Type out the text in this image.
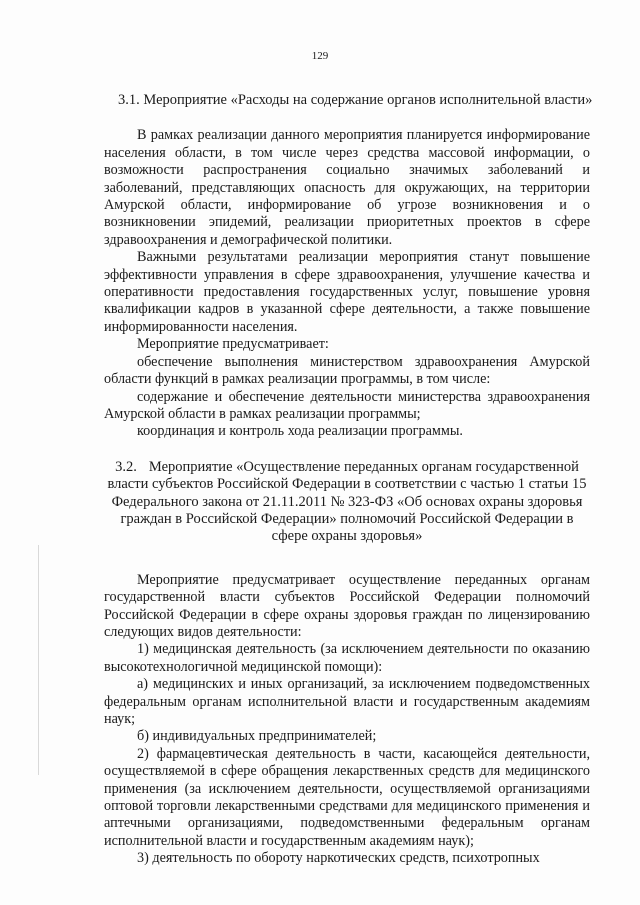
129

3.1. Мероприятие «Расходы на содержание органов исполнительной власти»

В рамках реализации данного мероприятия планируется информирование населения области, в том числе через средства массовой информации, о возможности распространения социально значимых заболеваний и заболеваний, представляющих опасность для окружающих, на территории Амурской области, информирование об угрозе возникновения и о возникновении эпидемий, реализации приоритетных проектов в сфере здравоохранения и демографической политики.

Важными результатами реализации мероприятия станут повышение эффективности управления в сфере здравоохранения, улучшение качества и оперативности предоставления государственных услуг, повышение уровня квалификации кадров в указанной сфере деятельности, а также повышение информированности населения.

Мероприятие предусматривает:

обеспечение выполнения министерством здравоохранения Амурской области функций в рамках реализации программы, в том числе:

содержание и обеспечение деятельности министерства здравоохранения Амурской области в рамках реализации программы;

координация и контроль хода реализации программы.

3.2. Мероприятие «Осуществление переданных органам государственной власти субъектов Российской Федерации в соответствии с частью 1 статьи 15 Федерального закона от 21.11.2011 № 323-ФЗ «Об основах охраны здоровья граждан в Российской Федерации» полномочий Российской Федерации в сфере охраны здоровья»

Мероприятие предусматривает осуществление переданных органам государственной власти субъектов Российской Федерации полномочий Российской Федерации в сфере охраны здоровья граждан по лицензированию следующих видов деятельности:

1) медицинская деятельность (за исключением деятельности по оказанию высокотехнологичной медицинской помощи):

а) медицинских и иных организаций, за исключением подведомственных федеральным органам исполнительной власти и государственным академиям наук;

б) индивидуальных предпринимателей;

2) фармацевтическая деятельность в части, касающейся деятельности, осуществляемой в сфере обращения лекарственных средств для медицинского применения (за исключением деятельности, осуществляемой организациями оптовой торговли лекарственными средствами для медицинского применения и аптечными организациями, подведомственными федеральным органам исполнительной власти и государственным академиям наук);

3) деятельность по обороту наркотических средств, психотропных
